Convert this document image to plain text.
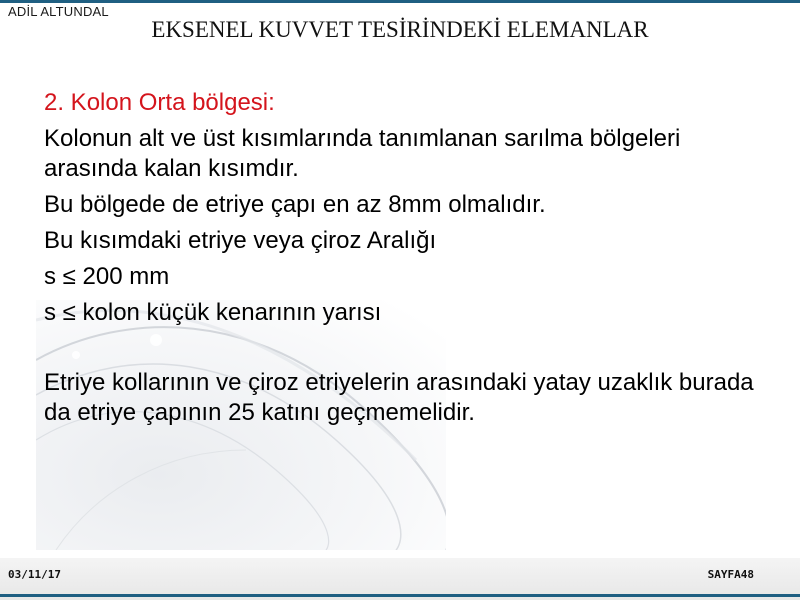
ADİL ALTUNDAL
EKSENEL KUVVET TESİRİNDEKİ ELEMANLAR

2. Kolon Orta bölgesi:

Kolonun alt ve üst kısımlarında tanımlanan sarılma bölgeleri arasında kalan kısımdır.

Bu bölgede de etriye çapı en az 8mm olmalıdır.

Bu kısımdaki etriye veya çiroz Aralığı

s ≤ 200 mm

s ≤ kolon küçük kenarının yarısı

Etriye kollarının ve çiroz etriyelerin arasındaki yatay uzaklık burada da etriye çapının 25 katını geçmemelidir.

03/11/17	SAYFA48
